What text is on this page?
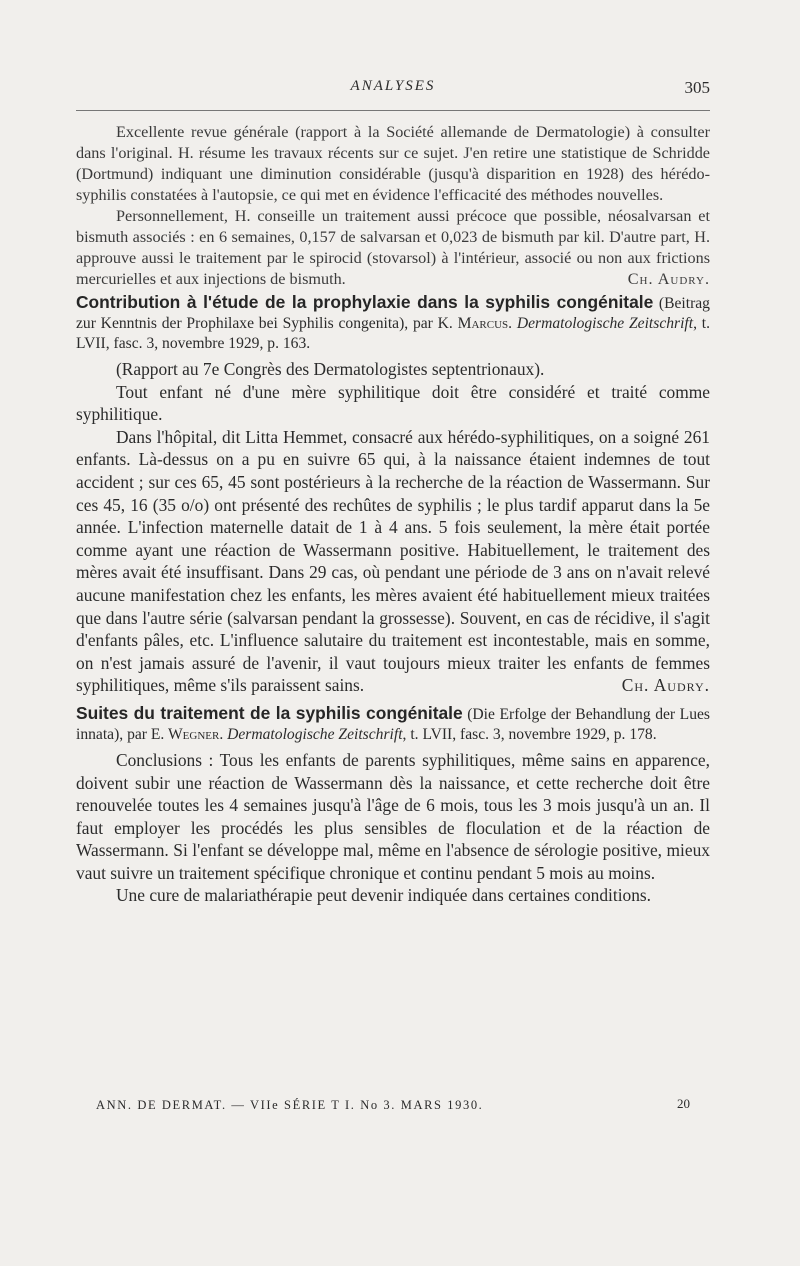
ANALYSES	305

Excellente revue générale (rapport à la Société allemande de Dermatologie) à consulter dans l'original. H. résume les travaux récents sur ce sujet. J'en retire une statistique de Schridde (Dortmund) indiquant une diminution considérable (jusqu'à disparition en 1928) des hérédo-syphilis constatées à l'autopsie, ce qui met en évidence l'efficacité des méthodes nouvelles.

Personnellement, H. conseille un traitement aussi précoce que possible, néosalvarsan et bismuth associés : en 6 semaines, 0,157 de salvarsan et 0,023 de bismuth par kil. D'autre part, H. approuve aussi le traitement par le spirocid (stovarsol) à l'intérieur, associé ou non aux frictions mercurielles et aux injections de bismuth.	Ch. Audry.

Contribution à l'étude de la prophylaxie dans la syphilis congénitale (Beitrag zur Kenntnis der Prophilaxe bei Syphilis congenita), par K. Marcus. Dermatologische Zeitschrift, t. LVII, fasc. 3, novembre 1929, p. 163.

(Rapport au 7e Congrès des Dermatologistes septentrionaux).

Tout enfant né d'une mère syphilitique doit être considéré et traité comme syphilitique.

Dans l'hôpital, dit Litta Hemmet, consacré aux hérédo-syphilitiques, on a soigné 261 enfants. Là-dessus on a pu en suivre 65 qui, à la naissance étaient indemnes de tout accident ; sur ces 65, 45 sont postérieurs à la recherche de la réaction de Wassermann. Sur ces 45, 16 (35 o/o) ont présenté des rechûtes de syphilis ; le plus tardif apparut dans la 5e année. L'infection maternelle datait de 1 à 4 ans. 5 fois seulement, la mère était portée comme ayant une réaction de Wassermann positive. Habituellement, le traitement des mères avait été insuffisant. Dans 29 cas, où pendant une période de 3 ans on n'avait relevé aucune manifestation chez les enfants, les mères avaient été habituellement mieux traitées que dans l'autre série (salvarsan pendant la grossesse). Souvent, en cas de récidive, il s'agit d'enfants pâles, etc. L'influence salutaire du traitement est incontestable, mais en somme, on n'est jamais assuré de l'avenir, il vaut toujours mieux traiter les enfants de femmes syphilitiques, même s'ils paraissent sains.	Ch. Audry.

Suites du traitement de la syphilis congénitale (Die Erfolge der Behandlung der Lues innata), par E. Wegner. Dermatologische Zeitschrift, t. LVII, fasc. 3, novembre 1929, p. 178.

Conclusions : Tous les enfants de parents syphilitiques, même sains en apparence, doivent subir une réaction de Wassermann dès la naissance, et cette recherche doit être renouvelée toutes les 4 semaines jusqu'à l'âge de 6 mois, tous les 3 mois jusqu'à un an. Il faut employer les procédés les plus sensibles de floculation et de la réaction de Wassermann. Si l'enfant se développe mal, même en l'absence de sérologie positive, mieux vaut suivre un traitement spécifique chronique et continu pendant 5 mois au moins.

Une cure de malariathérapie peut devenir indiquée dans certaines conditions.

ANN. DE DERMAT. — VIIe SÉRIE T I. No 3. MARS 1930.	20
